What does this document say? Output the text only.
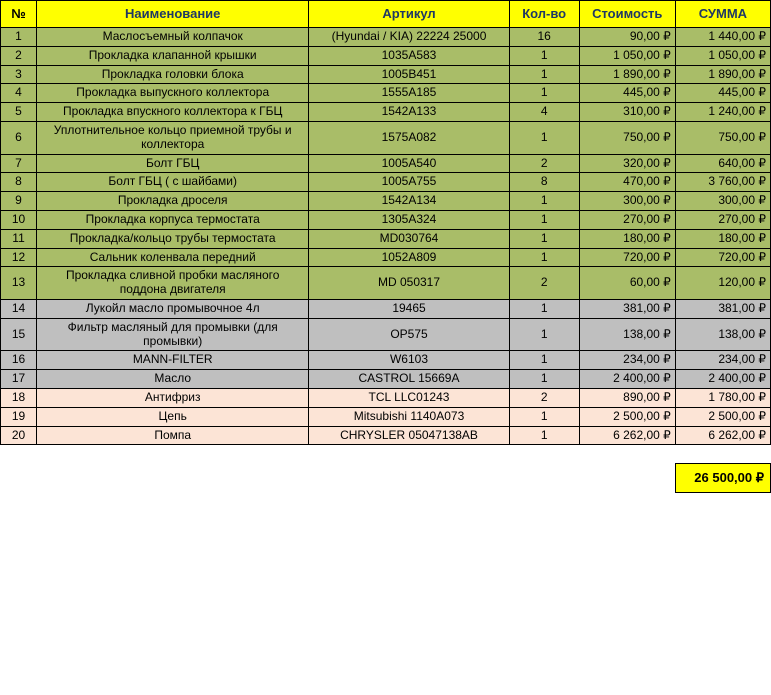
№	Наименование	Артикул	Кол-во	Стоимость	СУММА
1	Маслосъемный колпачок	(Hyundai / KIA) 22224 25000	16	90,00 ₽	1 440,00 ₽
2	Прокладка клапанной крышки	1035A583	1	1 050,00 ₽	1 050,00 ₽
3	Прокладка головки блока	1005B451	1	1 890,00 ₽	1 890,00 ₽
4	Прокладка выпускного коллектора	1555A185	1	445,00 ₽	445,00 ₽
5	Прокладка впускного коллектора к ГБЦ	1542A133	4	310,00 ₽	1 240,00 ₽
6	Уплотнительное кольцо приемной трубы и коллектора	1575A082	1	750,00 ₽	750,00 ₽
7	Болт ГБЦ	1005A540	2	320,00 ₽	640,00 ₽
8	Болт ГБЦ ( с шайбами)	1005A755	8	470,00 ₽	3 760,00 ₽
9	Прокладка дроселя	1542A134	1	300,00 ₽	300,00 ₽
10	Прокладка корпуса термостата	1305A324	1	270,00 ₽	270,00 ₽
11	Прокладка/кольцо трубы термостата	MD030764	1	180,00 ₽	180,00 ₽
12	Сальник коленвала передний	1052A809	1	720,00 ₽	720,00 ₽
13	Прокладка сливной пробки масляного поддона двигателя	MD 050317	2	60,00 ₽	120,00 ₽
14	Лукойл масло промывочное 4л	19465	1	381,00 ₽	381,00 ₽
15	Фильтр масляный для промывки (для промывки)	OP575	1	138,00 ₽	138,00 ₽
16	MANN-FILTER	W6103	1	234,00 ₽	234,00 ₽
17	Масло	CASTROL 15669A	1	2 400,00 ₽	2 400,00 ₽
18	Антифриз	TCL LLC01243	2	890,00 ₽	1 780,00 ₽
19	Цепь	Mitsubishi 1140A073	1	2 500,00 ₽	2 500,00 ₽
20	Помпа	CHRYSLER 05047138AB	1	6 262,00 ₽	6 262,00 ₽

					26 500,00 ₽
